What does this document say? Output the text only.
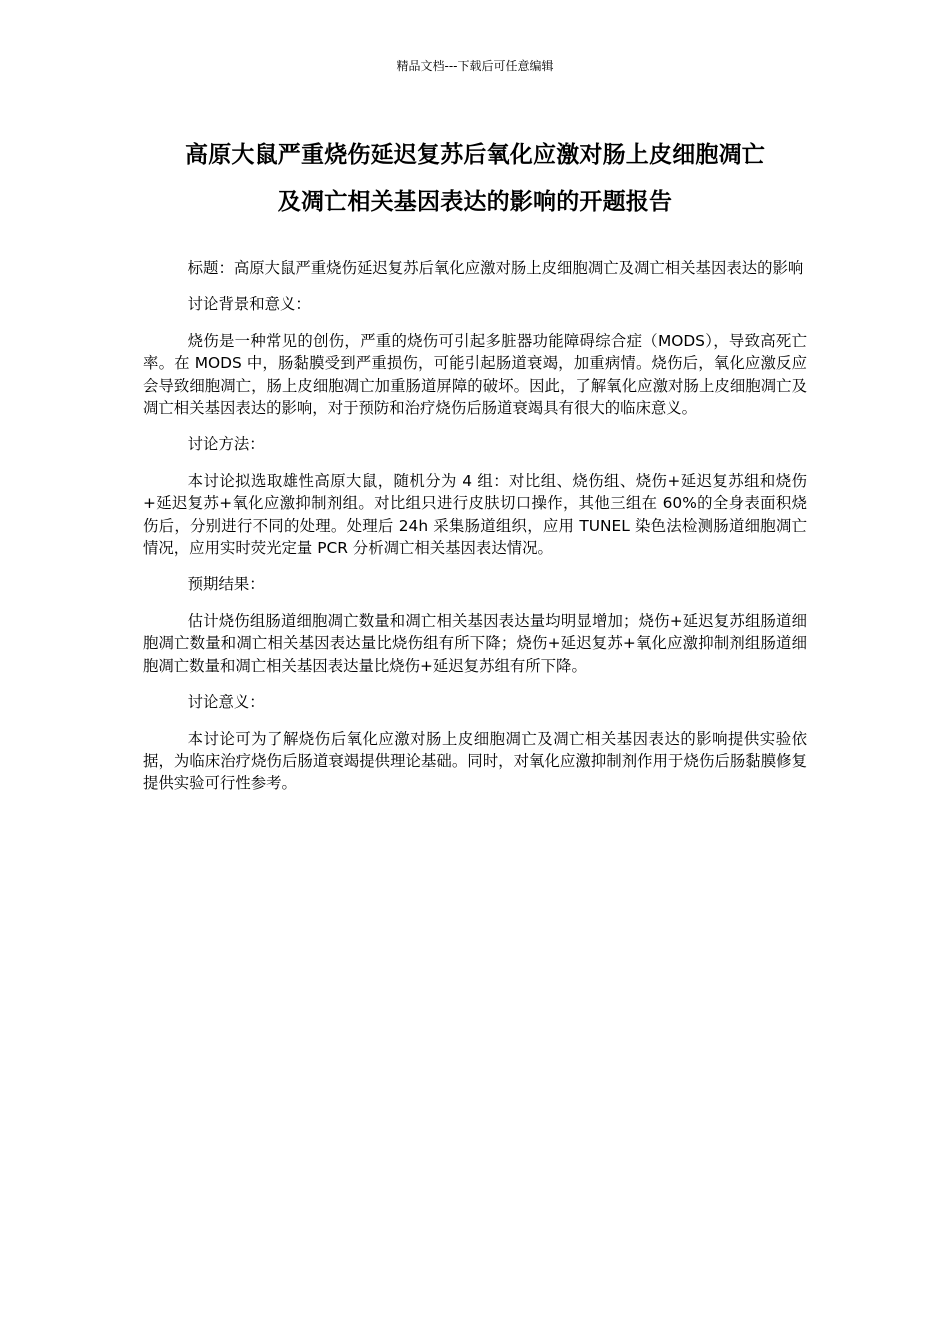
精品文档---下载后可任意编辑
高原大鼠严重烧伤延迟复苏后氧化应激对肠上皮细胞凋亡
及凋亡相关基因表达的影响的开题报告

标题：高原大鼠严重烧伤延迟复苏后氧化应激对肠上皮细胞凋亡及凋亡相关基因表达的影响

讨论背景和意义：

烧伤是一种常见的创伤，严重的烧伤可引起多脏器功能障碍综合症（MODS），导致高死亡率。在 MODS 中，肠黏膜受到严重损伤，可能引起肠道衰竭，加重病情。烧伤后，氧化应激反应会导致细胞凋亡，肠上皮细胞凋亡加重肠道屏障的破坏。因此，了解氧化应激对肠上皮细胞凋亡及凋亡相关基因表达的影响，对于预防和治疗烧伤后肠道衰竭具有很大的临床意义。

讨论方法：

本讨论拟选取雄性高原大鼠，随机分为 4 组：对比组、烧伤组、烧伤+延迟复苏组和烧伤+延迟复苏+氧化应激抑制剂组。对比组只进行皮肤切口操作，其他三组在 60%的全身表面积烧伤后，分别进行不同的处理。处理后 24h 采集肠道组织，应用 TUNEL 染色法检测肠道细胞凋亡情况，应用实时荧光定量 PCR 分析凋亡相关基因表达情况。

预期结果：

估计烧伤组肠道细胞凋亡数量和凋亡相关基因表达量均明显增加；烧伤+延迟复苏组肠道细胞凋亡数量和凋亡相关基因表达量比烧伤组有所下降；烧伤+延迟复苏+氧化应激抑制剂组肠道细胞凋亡数量和凋亡相关基因表达量比烧伤+延迟复苏组有所下降。

讨论意义：

本讨论可为了解烧伤后氧化应激对肠上皮细胞凋亡及凋亡相关基因表达的影响提供实验依据，为临床治疗烧伤后肠道衰竭提供理论基础。同时，对氧化应激抑制剂作用于烧伤后肠黏膜修复提供实验可行性参考。
